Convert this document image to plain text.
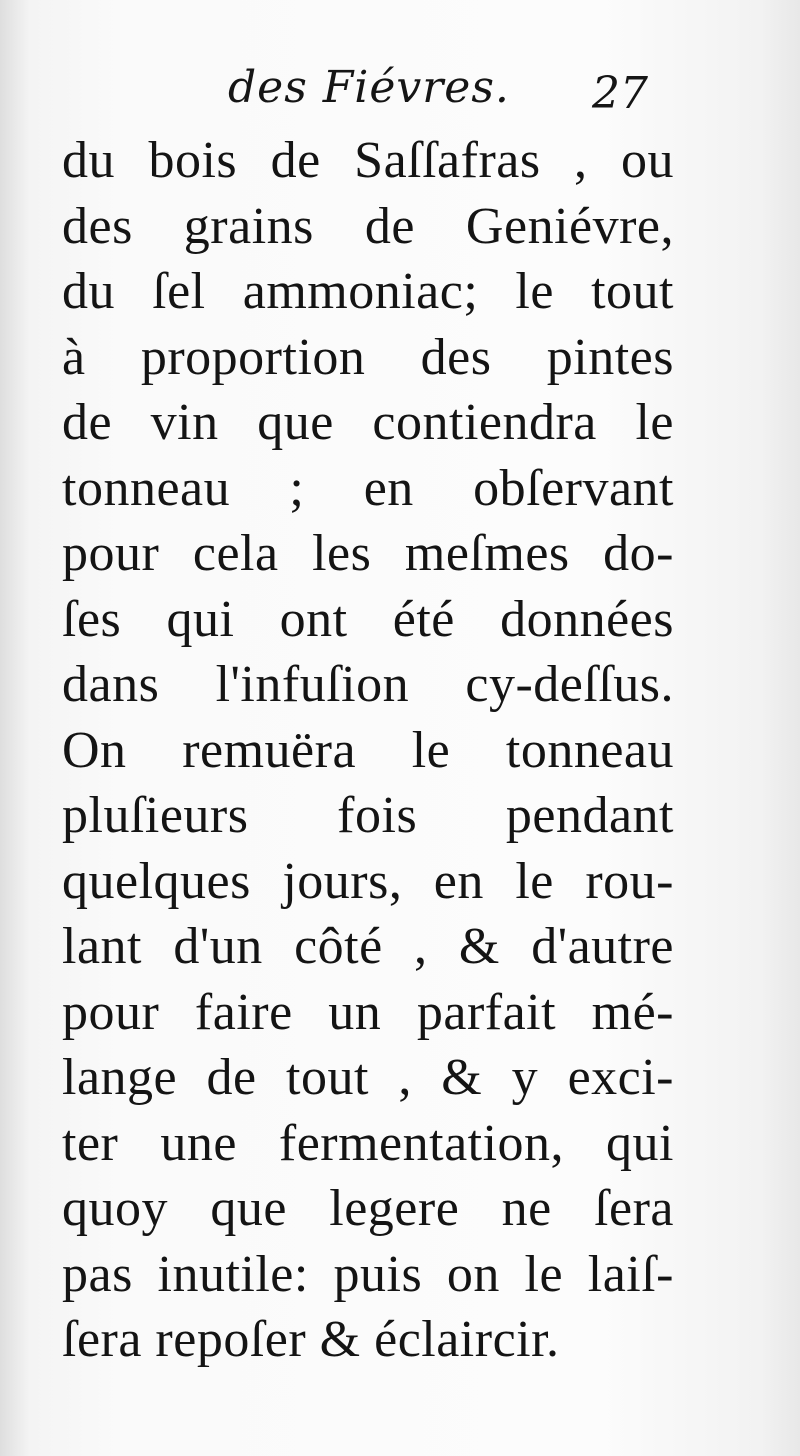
des Fiévres. 27
du bois de Saſſafras , ou
des grains de Geniévre,
du ſel ammoniac; le tout
à proportion des pintes
de vin que contiendra le
tonneau ; en obſervant
pour cela les meſmes do-
ſes qui ont été données
dans l'infuſion cy-deſſus.
On remuëra le tonneau
pluſieurs fois pendant
quelques jours, en le rou-
lant d'un côté , & d'autre
pour faire un parfait mé-
lange de tout , & y exci-
ter une fermentation, qui
quoy que legere ne ſera
pas inutile: puis on le laiſ-
ſera repoſer & éclaircir.
